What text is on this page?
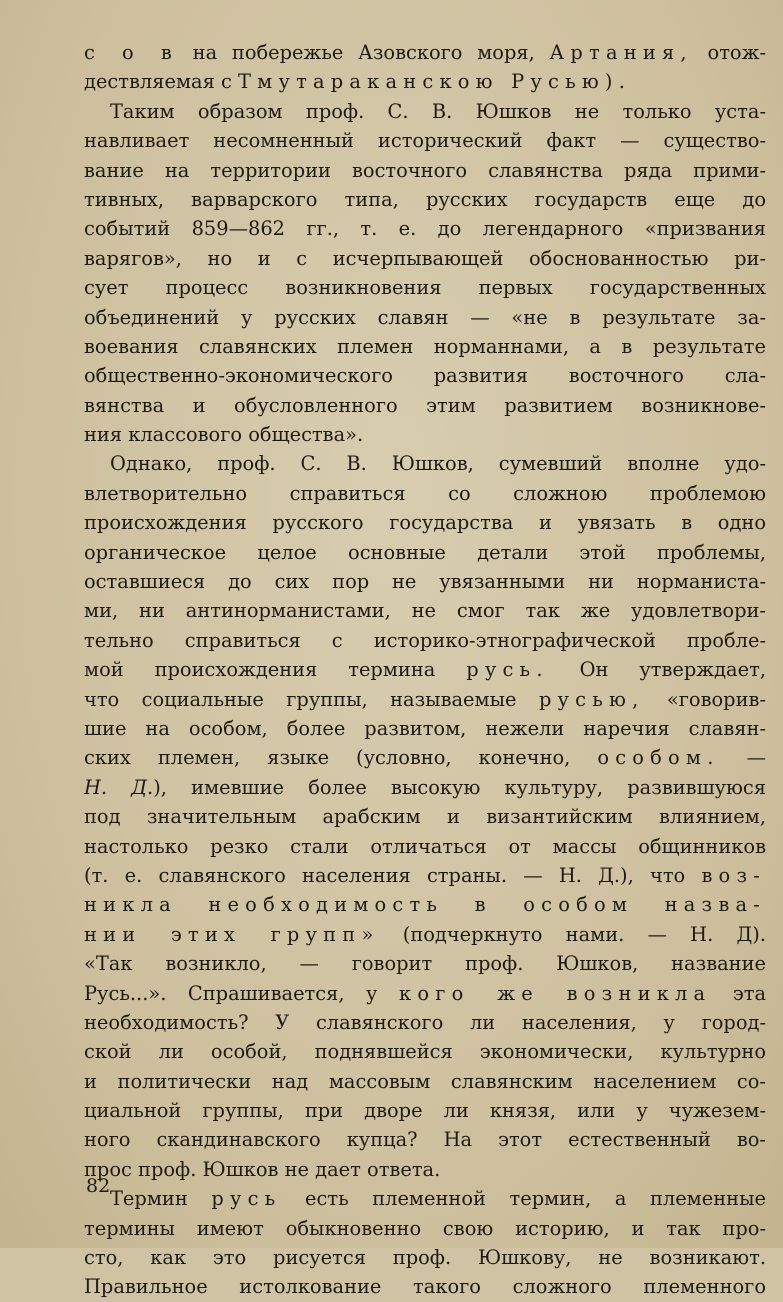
с о в на побережье Азовского моря, Артания, отож-
дествляемая с Тмутараканскою Русью).
Таким образом проф. С. В. Юшков не только уста-
навливает несомненный исторический факт — существо-
вание на территории восточного славянства ряда прими-
тивных, варварского типа, русских государств еще до
событий 859—862 гг., т. е. до легендарного «призвания
варягов», но и с исчерпывающей обоснованностью ри-
сует процесс возникновения первых государственных
объединений у русских славян — «не в результате за-
воевания славянских племен норманнами, а в результате
общественно-экономического развития восточного сла-
вянства и обусловленного этим развитием возникнове-
ния классового общества».
Однако, проф. С. В. Юшков, сумевший вполне удо-
влетворительно справиться со сложною проблемою
происхождения русского государства и увязать в одно
органическое целое основные детали этой проблемы,
оставшиеся до сих пор не увязанными ни норманиста-
ми, ни антинорманистами, не смог так же удовлетвори-
тельно справиться с историко-этнографической пробле-
мой происхождения термина русь. Он утверждает,
что социальные группы, называемые русью, «говорив-
шие на особом, более развитом, нежели наречия славян-
ских племен, языке (условно, конечно, особом. —
Н. Д.), имевшие более высокую культуру, развившуюся
под значительным арабским и византийским влиянием,
настолько резко стали отличаться от массы общинников
(т. е. славянского населения страны. — Н. Д.), что воз-
никла необходимость в особом назва-
нии этих групп» (подчеркнуто нами. — Н. Д).
«Так возникло, — говорит проф. Юшков, название
Русь...». Спрашивается, у кого же возникла эта
необходимость? У славянского ли населения, у город-
ской ли особой, поднявшейся экономически, культурно
и политически над массовым славянским населением со-
циальной группы, при дворе ли князя, или у чужезем-
ного скандинавского купца? На этот естественный во-
прос проф. Юшков не дает ответа.
Термин русь есть племенной термин, а племенные
термины имеют обыкновенно свою историю, и так про-
сто, как это рисуется проф. Юшкову, не возникают.
Правильное истолкование такого сложного племенного
82
